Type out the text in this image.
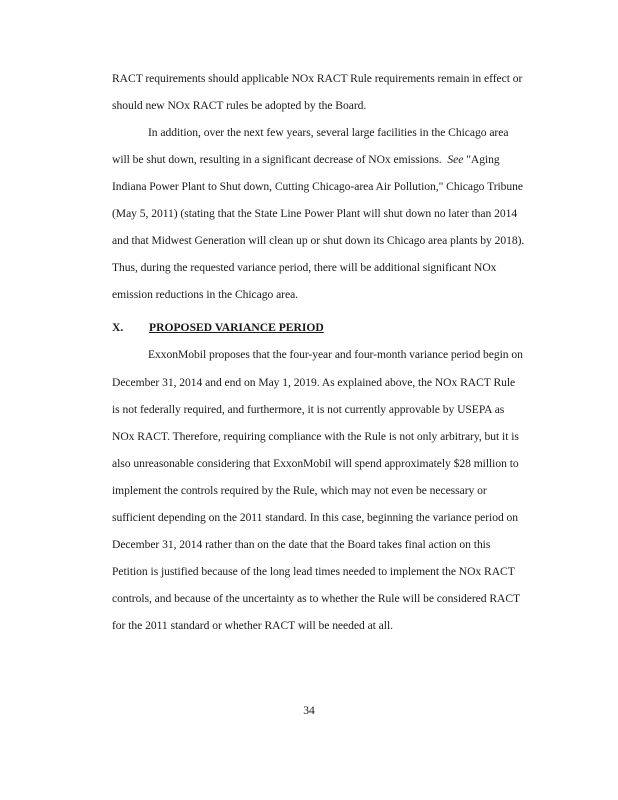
RACT requirements should applicable NOx RACT Rule requirements remain in effect or
should new NOx RACT rules be adopted by the Board.
In addition, over the next few years, several large facilities in the Chicago area
will be shut down, resulting in a significant decrease of NOx emissions. See "Aging
Indiana Power Plant to Shut down, Cutting Chicago-area Air Pollution," Chicago Tribune
(May 5, 2011) (stating that the State Line Power Plant will shut down no later than 2014
and that Midwest Generation will clean up or shut down its Chicago area plants by 2018).
Thus, during the requested variance period, there will be additional significant NOx
emission reductions in the Chicago area.
X. PROPOSED VARIANCE PERIOD
ExxonMobil proposes that the four-year and four-month variance period begin on
December 31, 2014 and end on May 1, 2019. As explained above, the NOx RACT Rule
is not federally required, and furthermore, it is not currently approvable by USEPA as
NOx RACT. Therefore, requiring compliance with the Rule is not only arbitrary, but it is
also unreasonable considering that ExxonMobil will spend approximately $28 million to
implement the controls required by the Rule, which may not even be necessary or
sufficient depending on the 2011 standard. In this case, beginning the variance period on
December 31, 2014 rather than on the date that the Board takes final action on this
Petition is justified because of the long lead times needed to implement the NOx RACT
controls, and because of the uncertainty as to whether the Rule will be considered RACT
for the 2011 standard or whether RACT will be needed at all.
34
